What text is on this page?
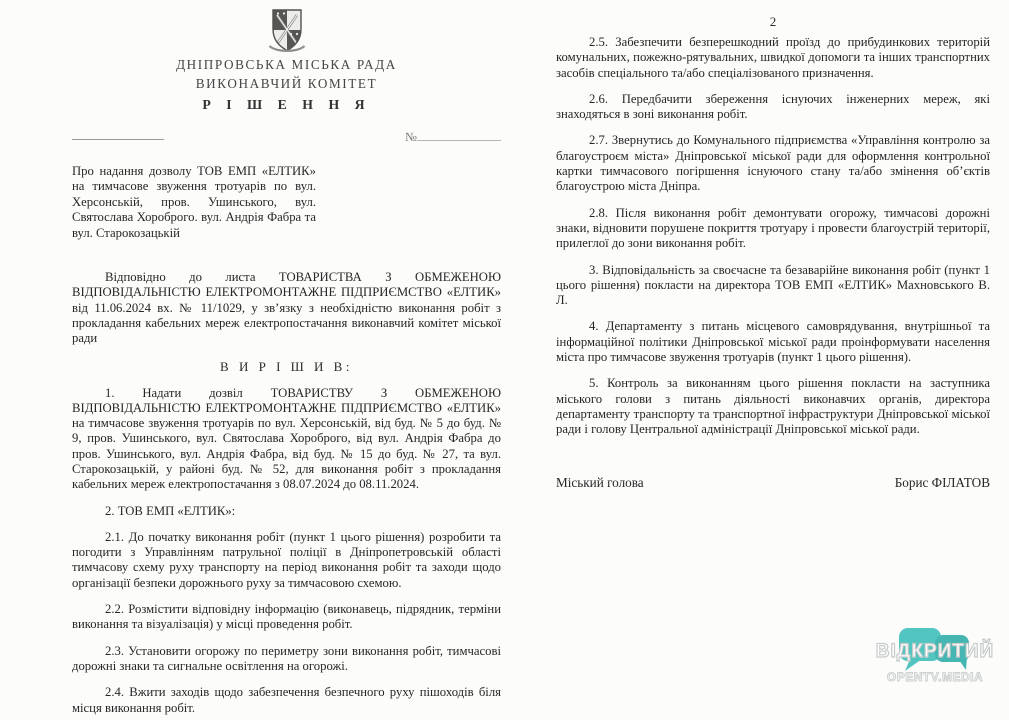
ДНІПРОВСЬКА МІСЬКА РАДА
ВИКОНАВЧИЙ КОМІТЕТ
Р І Ш Е Н Н Я
№
Про надання дозволу ТОВ ЕМП «ЕЛТИК» на тимчасове звуження тротуарів по вул. Херсонській, пров. Ушинського, вул. Святослава Хороброго. вул. Андрія Фабра та вул. Старокозацькій

Відповідно до листа ТОВАРИСТВА З ОБМЕЖЕНОЮ ВІДПОВІДАЛЬНІСТЮ ЕЛЕКТРОМОНТАЖНЕ ПІДПРИЄМСТВО «ЕЛТИК» від 11.06.2024 вх. № 11/1029, у зв’язку з необхідністю виконання робіт з прокладання кабельних мереж електропостачання виконавчий комітет міської ради

В И Р І Ш И В:

1. Надати дозвіл ТОВАРИСТВУ З ОБМЕЖЕНОЮ ВІДПОВІДАЛЬНІСТЮ ЕЛЕКТРОМОНТАЖНЕ ПІДПРИЄМСТВО «ЕЛТИК» на тимчасове звуження тротуарів по вул. Херсонській, від буд. № 5 до буд. № 9, пров. Ушинського, вул. Святослава Хороброго, від вул. Андрія Фабра до пров. Ушинського, вул. Андрія Фабра, від буд. № 15 до буд. № 27, та вул. Старокозацькій, у районі буд. № 52, для виконання робіт з прокладання кабельних мереж електропостачання з 08.07.2024 до 08.11.2024.

2. ТОВ ЕМП «ЕЛТИК»:

2.1. До початку виконання робіт (пункт 1 цього рішення) розробити та погодити з Управлінням патрульної поліції в Дніпропетровській області тимчасову схему руху транспорту на період виконання робіт та заходи щодо організації безпеки дорожнього руху за тимчасовою схемою.

2.2. Розмістити відповідну інформацію (виконавець, підрядник, терміни виконання та візуалізація) у місці проведення робіт.

2.3. Установити огорожу по периметру зони виконання робіт, тимчасові дорожні знаки та сигнальне освітлення на огорожі.

2.4. Вжити заходів щодо забезпечення безпечного руху пішоходів біля місця виконання робіт.

2

2.5. Забезпечити безперешкодний проїзд до прибудинкових територій комунальних, пожежно-рятувальних, швидкої допомоги та інших транспортних засобів спеціального та/або спеціалізованого призначення.

2.6. Передбачити збереження існуючих інженерних мереж, які знаходяться в зоні виконання робіт.

2.7. Звернутись до Комунального підприємства «Управління контролю за благоустроєм міста» Дніпровської міської ради для оформлення контрольної картки тимчасового погіршення існуючого стану та/або змінення об’єктів благоустрою міста Дніпра.

2.8. Після виконання робіт демонтувати огорожу, тимчасові дорожні знаки, відновити порушене покриття тротуару і провести благоустрій території, прилеглої до зони виконання робіт.

3. Відповідальність за своєчасне та безаварійне виконання робіт (пункт 1 цього рішення) покласти на директора ТОВ ЕМП «ЕЛТИК» Махновського В. Л.

4. Департаменту з питань місцевого самоврядування, внутрішньої та інформаційної політики Дніпровської міської ради проінформувати населення міста про тимчасове звуження тротуарів (пункт 1 цього рішення).

5. Контроль за виконанням цього рішення покласти на заступника міського голови з питань діяльності виконавчих органів, директора департаменту транспорту та транспортної інфраструктури Дніпровської міської ради і голову Центральної адміністрації Дніпровської міської ради.

Міський голова	Борис ФІЛАТОВ
ВІДКРИТИЙ
OPENTV.MEDIA
